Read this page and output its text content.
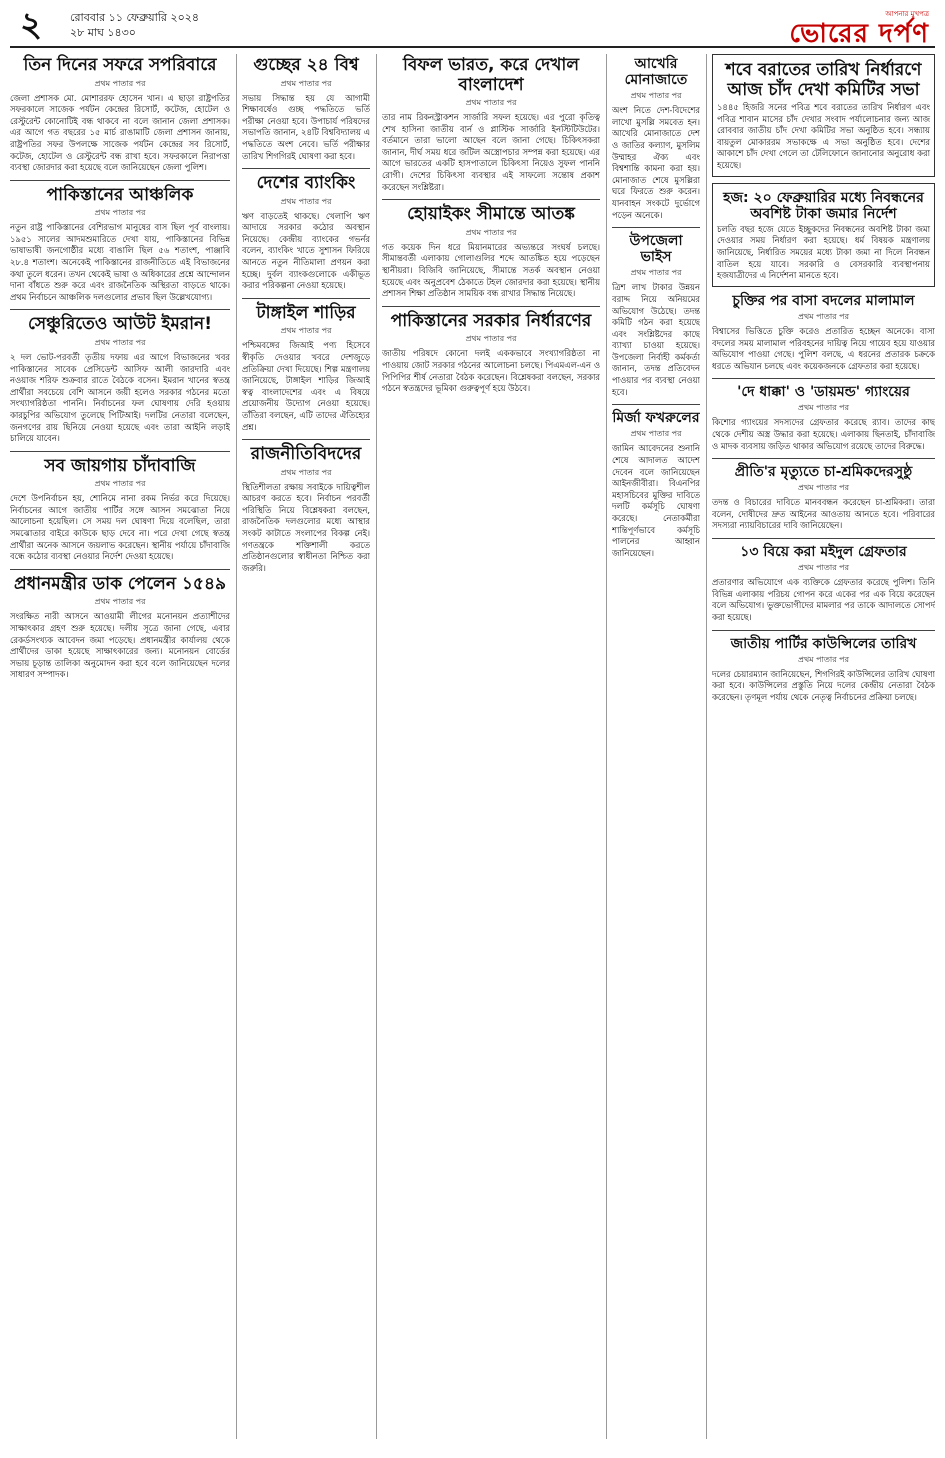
২	রোববার ১১ ফেব্রুয়ারি ২০২৪
২৮ মাঘ ১৪৩০
আপনার মুখপত্র
ভোরের দর্পণ
তিন দিনের সফরে সপরিবারে
প্রথম পাতার পর
জেলা প্রশাসক মো. মোশাররফ হোসেন খান। এ ছাড়া রাষ্ট্রপতির সফরকালে সাজেক পর্যটন কেন্দ্রের রিসোর্ট, কটেজ, হোটেল ও রেস্টুরেন্ট কোনোটিই বন্ধ থাকবে না বলে জানান জেলা প্রশাসক। এর আগে গত বছরের ১৫ মার্চ রাঙামাটি জেলা প্রশাসন জানায়, রাষ্ট্রপতির সফর উপলক্ষে সাজেক পর্যটন কেন্দ্রের সব রিসোর্ট, কটেজ, হোটেল ও রেস্টুরেন্ট বন্ধ রাখা হবে। সফরকালে নিরাপত্তা ব্যবস্থা জোরদার করা হয়েছে বলে জানিয়েছেন জেলা পুলিশ।
পাকিস্তানের আঞ্চলিক
প্রথম পাতার পর
নতুন রাষ্ট্র পাকিস্তানের বেশিরভাগ মানুষের বাস ছিল পূর্ব বাংলায়। ১৯৫১ সালের আদমশুমারিতে দেখা যায়, পাকিস্তানের বিভিন্ন ভাষাভাষী জনগোষ্ঠীর মধ্যে বাঙালি ছিল ৫৬ শতাংশ, পাঞ্জাবি ২৮.৪ শতাংশ। অনেকেই পাকিস্তানের রাজনীতিতে এই বিভাজনের কথা তুলে ধরেন। তখন থেকেই ভাষা ও অধিকারের প্রশ্নে আন্দোলন দানা বাঁধতে শুরু করে এবং রাজনৈতিক অস্থিরতা বাড়তে থাকে। প্রথম নির্বাচনে আঞ্চলিক দলগুলোর প্রভাব ছিল উল্লেখযোগ্য।
সেঞ্চুরিতেও আউট ইমরান!
প্রথম পাতার পর
২ দল ভোট-পরবর্তী তৃতীয় দফায় এর আগে বিভাজনের খবর পাকিস্তানের সাবেক প্রেসিডেন্ট আসিফ আলী জারদারি এবং নওয়াজ শরিফ শুক্রবার রাতে বৈঠকে বসেন। ইমরান খানের স্বতন্ত্র প্রার্থীরা সবচেয়ে বেশি আসনে জয়ী হলেও সরকার গঠনের মতো সংখ্যাগরিষ্ঠতা পাননি। নির্বাচনের ফল ঘোষণায় দেরি হওয়ায় কারচুপির অভিযোগ তুলেছে পিটিআই। দলটির নেতারা বলেছেন, জনগণের রায় ছিনিয়ে নেওয়া হয়েছে এবং তারা আইনি লড়াই চালিয়ে যাবেন।
সব জায়গায় চাঁদাবাজি
প্রথম পাতার পর
দেশে উপনির্বাচন হয়, শোনিমে নানা রকম নির্ভর করে দিয়েছে। নির্বাচনের আগে জাতীয় পার্টির সঙ্গে আসন সমঝোতা নিয়ে আলোচনা হয়েছিল। সে সময় দল ঘোষণা দিয়ে বলেছিল, তারা সমঝোতার বাইরে কাউকে ছাড় দেবে না। পরে দেখা গেছে স্বতন্ত্র প্রার্থীরা অনেক আসনে জয়লাভ করেছেন। স্থানীয় পর্যায়ে চাঁদাবাজি বন্ধে কঠোর ব্যবস্থা নেওয়ার নির্দেশ দেওয়া হয়েছে।
প্রধানমন্ত্রীর ডাক পেলেন ১৫৪৯
প্রথম পাতার পর
সংরক্ষিত নারী আসনে আওয়ামী লীগের মনোনয়ন প্রত্যাশীদের সাক্ষাৎকার গ্রহণ শুরু হয়েছে। দলীয় সূত্রে জানা গেছে, এবার রেকর্ডসংখ্যক আবেদন জমা পড়েছে। প্রধানমন্ত্রীর কার্যালয় থেকে প্রার্থীদের ডাকা হয়েছে সাক্ষাৎকারের জন্য। মনোনয়ন বোর্ডের সভায় চূড়ান্ত তালিকা অনুমোদন করা হবে বলে জানিয়েছেন দলের সাধারণ সম্পাদক।
গুচ্ছের ২৪ বিশ্ব
প্রথম পাতার পর
সভায় সিদ্ধান্ত হয় যে আগামী শিক্ষাবর্ষেও গুচ্ছ পদ্ধতিতে ভর্তি পরীক্ষা নেওয়া হবে। উপাচার্য পরিষদের সভাপতি জানান, ২৪টি বিশ্ববিদ্যালয় এ পদ্ধতিতে অংশ নেবে। ভর্তি পরীক্ষার তারিখ শিগগিরই ঘোষণা করা হবে।
দেশের ব্যাংকিং
প্রথম পাতার পর
ঋণ বাড়তেই থাকছে। খেলাপি ঋণ আদায়ে সরকার কঠোর অবস্থান নিয়েছে। কেন্দ্রীয় ব্যাংকের গভর্নর বলেন, ব্যাংকিং খাতে সুশাসন ফিরিয়ে আনতে নতুন নীতিমালা প্রণয়ন করা হচ্ছে। দুর্বল ব্যাংকগুলোকে একীভূত করার পরিকল্পনা নেওয়া হয়েছে।
টাঙ্গাইল শাড়ির
প্রথম পাতার পর
পশ্চিমবঙ্গের জিআই পণ্য হিসেবে স্বীকৃতি দেওয়ার খবরে দেশজুড়ে প্রতিক্রিয়া দেখা দিয়েছে। শিল্প মন্ত্রণালয় জানিয়েছে, টাঙ্গাইল শাড়ির জিআই স্বত্ব বাংলাদেশের এবং এ বিষয়ে প্রয়োজনীয় উদ্যোগ নেওয়া হয়েছে। তাঁতিরা বলছেন, এটি তাদের ঐতিহ্যের প্রশ্ন।
রাজনীতিবিদদের
প্রথম পাতার পর
স্থিতিশীলতা রক্ষায় সবাইকে দায়িত্বশীল আচরণ করতে হবে। নির্বাচন পরবর্তী পরিস্থিতি নিয়ে বিশ্লেষকরা বলছেন, রাজনৈতিক দলগুলোর মধ্যে আস্থার সংকট কাটাতে সংলাপের বিকল্প নেই। গণতন্ত্রকে শক্তিশালী করতে প্রতিষ্ঠানগুলোর স্বাধীনতা নিশ্চিত করা জরুরি।
বিফল ভারত, করে দেখাল বাংলাদেশ
প্রথম পাতার পর
তার নাম রিকনস্ট্রাকশন সার্জারি সফল হয়েছে। এর পুরো কৃতিত্ব শেখ হাসিনা জাতীয় বার্ন ও প্লাস্টিক সার্জারি ইনস্টিটিউটের। বর্তমানে তারা ভালো আছেন বলে জানা গেছে। চিকিৎসকরা জানান, দীর্ঘ সময় ধরে জটিল অস্ত্রোপচার সম্পন্ন করা হয়েছে। এর আগে ভারতের একটি হাসপাতালে চিকিৎসা নিয়েও সুফল পাননি রোগী। দেশের চিকিৎসা ব্যবস্থার এই সাফল্যে সন্তোষ প্রকাশ করেছেন সংশ্লিষ্টরা।
হোয়াইকং সীমান্তে আতঙ্ক
প্রথম পাতার পর
গত কয়েক দিন ধরে মিয়ানমারের অভ্যন্তরে সংঘর্ষ চলছে। সীমান্তবর্তী এলাকায় গোলাগুলির শব্দে আতঙ্কিত হয়ে পড়েছেন স্থানীয়রা। বিজিবি জানিয়েছে, সীমান্তে সতর্ক অবস্থান নেওয়া হয়েছে এবং অনুপ্রবেশ ঠেকাতে টহল জোরদার করা হয়েছে। স্থানীয় প্রশাসন শিক্ষা প্রতিষ্ঠান সাময়িক বন্ধ রাখার সিদ্ধান্ত নিয়েছে।
পাকিস্তানের সরকার নির্ধারণের
প্রথম পাতার পর
জাতীয় পরিষদে কোনো দলই এককভাবে সংখ্যাগরিষ্ঠতা না পাওয়ায় জোট সরকার গঠনের আলোচনা চলছে। পিএমএল-এন ও পিপিপির শীর্ষ নেতারা বৈঠক করেছেন। বিশ্লেষকরা বলছেন, সরকার গঠনে স্বতন্ত্রদের ভূমিকা গুরুত্বপূর্ণ হয়ে উঠবে।
আখেরি মোনাজাতে
প্রথম পাতার পর
অংশ নিতে দেশ-বিদেশের লাখো মুসল্লি সমবেত হন। আখেরি মোনাজাতে দেশ ও জাতির কল্যাণ, মুসলিম উম্মাহর ঐক্য এবং বিশ্বশান্তি কামনা করা হয়। মোনাজাত শেষে মুসল্লিরা ঘরে ফিরতে শুরু করেন। যানবাহন সংকটে দুর্ভোগে পড়েন অনেকে।
উপজেলা ভাইস
প্রথম পাতার পর
ত্রিশ লাখ টাকার উন্নয়ন বরাদ্দ নিয়ে অনিয়মের অভিযোগ উঠেছে। তদন্ত কমিটি গঠন করা হয়েছে এবং সংশ্লিষ্টদের কাছে ব্যাখ্যা চাওয়া হয়েছে। উপজেলা নির্বাহী কর্মকর্তা জানান, তদন্ত প্রতিবেদন পাওয়ার পর ব্যবস্থা নেওয়া হবে।
মির্জা ফখরুলের
প্রথম পাতার পর
জামিন আবেদনের শুনানি শেষে আদালত আদেশ দেবেন বলে জানিয়েছেন আইনজীবীরা। বিএনপির মহাসচিবের মুক্তির দাবিতে দলটি কর্মসূচি ঘোষণা করেছে। নেতাকর্মীরা শান্তিপূর্ণভাবে কর্মসূচি পালনের আহ্বান জানিয়েছেন।
শবে বরাতের তারিখ নির্ধারণে আজ চাঁদ দেখা কমিটির সভা
১৪৪৫ হিজরি সনের পবিত্র শবে বরাতের তারিখ নির্ধারণ এবং পবিত্র শাবান মাসের চাঁদ দেখার সংবাদ পর্যালোচনার জন্য আজ রোববার জাতীয় চাঁদ দেখা কমিটির সভা অনুষ্ঠিত হবে। সন্ধ্যায় বায়তুল মোকাররম সভাকক্ষে এ সভা অনুষ্ঠিত হবে। দেশের আকাশে চাঁদ দেখা গেলে তা টেলিফোনে জানানোর অনুরোধ করা হয়েছে।
হজ: ২০ ফেব্রুয়ারির মধ্যে নিবন্ধনের অবশিষ্ট টাকা জমার নির্দেশ
চলতি বছর হজে যেতে ইচ্ছুকদের নিবন্ধনের অবশিষ্ট টাকা জমা দেওয়ার সময় নির্ধারণ করা হয়েছে। ধর্ম বিষয়ক মন্ত্রণালয় জানিয়েছে, নির্ধারিত সময়ের মধ্যে টাকা জমা না দিলে নিবন্ধন বাতিল হয়ে যাবে। সরকারি ও বেসরকারি ব্যবস্থাপনায় হজযাত্রীদের এ নির্দেশনা মানতে হবে।
চুক্তির পর বাসা বদলের মালামাল
প্রথম পাতার পর
বিশ্বাসের ভিত্তিতে চুক্তি করেও প্রতারিত হচ্ছেন অনেকে। বাসা বদলের সময় মালামাল পরিবহনের দায়িত্ব নিয়ে গায়েব হয়ে যাওয়ার অভিযোগ পাওয়া গেছে। পুলিশ বলছে, এ ধরনের প্রতারক চক্রকে ধরতে অভিযান চলছে এবং কয়েকজনকে গ্রেফতার করা হয়েছে।
'দে ধাক্কা' ও 'ডায়মন্ড' গ্যাংয়ের
প্রথম পাতার পর
কিশোর গ্যাংয়ের সদস্যদের গ্রেফতার করেছে র‌্যাব। তাদের কাছ থেকে দেশীয় অস্ত্র উদ্ধার করা হয়েছে। এলাকায় ছিনতাই, চাঁদাবাজি ও মাদক ব্যবসায় জড়িত থাকার অভিযোগ রয়েছে তাদের বিরুদ্ধে।
প্রীতি'র মৃত্যুতে চা-শ্রমিকদেরসুষ্ঠু
প্রথম পাতার পর
তদন্ত ও বিচারের দাবিতে মানববন্ধন করেছেন চা-শ্রমিকরা। তারা বলেন, দোষীদের দ্রুত আইনের আওতায় আনতে হবে। পরিবারের সদস্যরা ন্যায়বিচারের দাবি জানিয়েছেন।
১৩ বিয়ে করা মইদুল গ্রেফতার
প্রথম পাতার পর
প্রতারণার অভিযোগে এক ব্যক্তিকে গ্রেফতার করেছে পুলিশ। তিনি বিভিন্ন এলাকায় পরিচয় গোপন করে একের পর এক বিয়ে করেছেন বলে অভিযোগ। ভুক্তভোগীদের মামলার পর তাকে আদালতে সোপর্দ করা হয়েছে।
জাতীয় পার্টির কাউন্সিলের তারিখ
প্রথম পাতার পর
দলের চেয়ারম্যান জানিয়েছেন, শিগগিরই কাউন্সিলের তারিখ ঘোষণা করা হবে। কাউন্সিলের প্রস্তুতি নিয়ে দলের কেন্দ্রীয় নেতারা বৈঠক করেছেন। তৃণমূল পর্যায় থেকে নেতৃত্ব নির্বাচনের প্রক্রিয়া চলছে।
